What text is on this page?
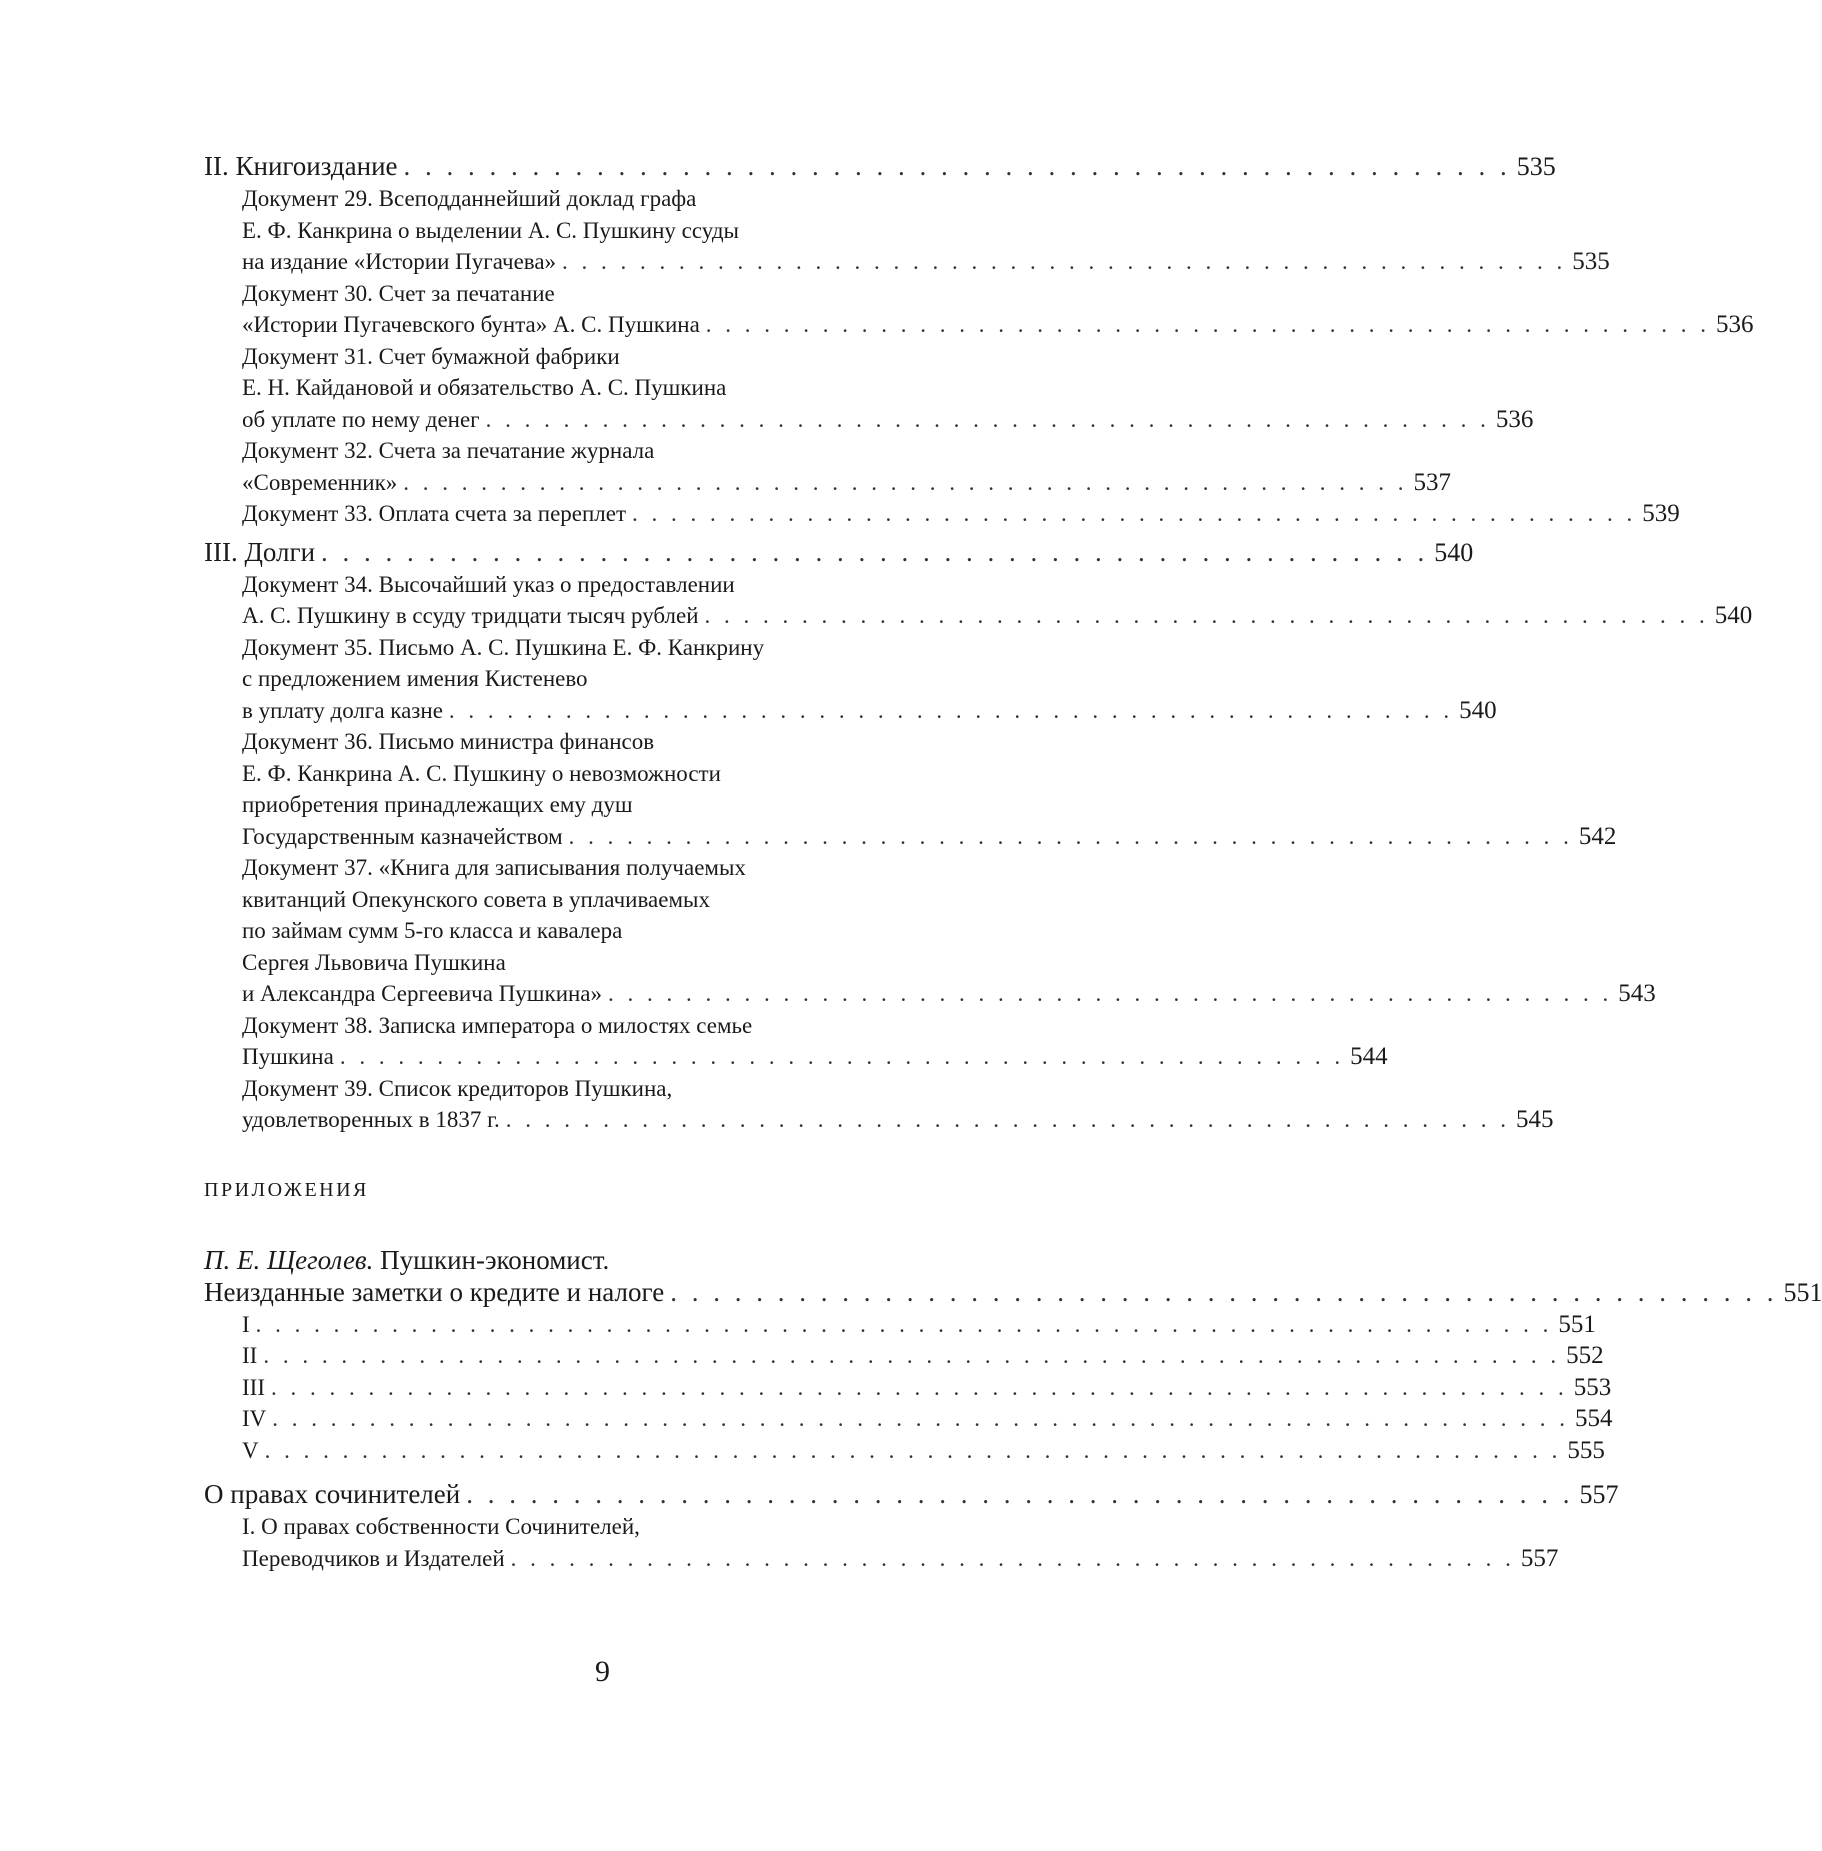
II. Книгоиздание . . . . . . . . . . . . . . . . . . . . . . . . . . . . . . . . . . . . . . . . . . . . . . . . . . . . 535
Документ 29. Всеподданнейший доклад графа
Е. Ф. Канкрина о выделении А. С. Пушкину ссуды
на издание «Истории Пугачева» . . . . . . . . . . . . . . . . . . . . . . . . . . . . . . . . . . . . . . . . . . . . . . . . . . . . 535
Документ 30. Счет за печатание
«Истории Пугачевского бунта» А. С. Пушкина . . . . . . . . . . . . . . . . . . . . . . . . . . . . . . . . . . . . . . . . . . . . . . . . . . . . 536
Документ 31. Счет бумажной фабрики
Е. Н. Кайдановой и обязательство А. С. Пушкина
об уплате по нему денег . . . . . . . . . . . . . . . . . . . . . . . . . . . . . . . . . . . . . . . . . . . . . . . . . . . . 536
Документ 32. Счета за печатание журнала
«Современник» . . . . . . . . . . . . . . . . . . . . . . . . . . . . . . . . . . . . . . . . . . . . . . . . . . . . 537
Документ 33. Оплата счета за переплет . . . . . . . . . . . . . . . . . . . . . . . . . . . . . . . . . . . . . . . . . . . . . . . . . . . . 539
III. Долги . . . . . . . . . . . . . . . . . . . . . . . . . . . . . . . . . . . . . . . . . . . . . . . . . . . . 540
Документ 34. Высочайший указ о предоставлении
А. С. Пушкину в ссуду тридцати тысяч рублей . . . . . . . . . . . . . . . . . . . . . . . . . . . . . . . . . . . . . . . . . . . . . . . . . . . . 540
Документ 35. Письмо А. С. Пушкина Е. Ф. Канкрину
с предложением имения Кистенево
в уплату долга казне . . . . . . . . . . . . . . . . . . . . . . . . . . . . . . . . . . . . . . . . . . . . . . . . . . . . 540
Документ 36. Письмо министра финансов
Е. Ф. Канкрина А. С. Пушкину о невозможности
приобретения принадлежащих ему душ
Государственным казначейством . . . . . . . . . . . . . . . . . . . . . . . . . . . . . . . . . . . . . . . . . . . . . . . . . . . . 542
Документ 37. «Книга для записывания получаемых
квитанций Опекунского совета в уплачиваемых
по займам сумм 5-го класса и кавалера
Сергея Львовича Пушкина
и Александра Сергеевича Пушкина» . . . . . . . . . . . . . . . . . . . . . . . . . . . . . . . . . . . . . . . . . . . . . . . . . . . . 543
Документ 38. Записка императора о милостях семье
Пушкина . . . . . . . . . . . . . . . . . . . . . . . . . . . . . . . . . . . . . . . . . . . . . . . . . . . . 544
Документ 39. Список кредиторов Пушкина,
удовлетворенных в 1837 г. . . . . . . . . . . . . . . . . . . . . . . . . . . . . . . . . . . . . . . . . . . . . . . . . . . . . 545
ПРИЛОЖЕНИЯ
П. Е. Щеголев. Пушкин-экономист.
Неизданные заметки о кредите и налоге . . . . . . . . . . . . . . . . . . . . . . . . . . . . . . . . . . . . . . . . . . . . . . . . . . . . 551
I . . . . . . . . . . . . . . . . . . . . . . . . . . . . . . . . . . . . . . . . . . . . . . . . . . . . . . . . . . . . . . . . . . . 551
II . . . . . . . . . . . . . . . . . . . . . . . . . . . . . . . . . . . . . . . . . . . . . . . . . . . . . . . . . . . . . . . . . . . 552
III . . . . . . . . . . . . . . . . . . . . . . . . . . . . . . . . . . . . . . . . . . . . . . . . . . . . . . . . . . . . . . . . . . . 553
IV . . . . . . . . . . . . . . . . . . . . . . . . . . . . . . . . . . . . . . . . . . . . . . . . . . . . . . . . . . . . . . . . . . . 554
V . . . . . . . . . . . . . . . . . . . . . . . . . . . . . . . . . . . . . . . . . . . . . . . . . . . . . . . . . . . . . . . . . . . 555
О правах сочинителей . . . . . . . . . . . . . . . . . . . . . . . . . . . . . . . . . . . . . . . . . . . . . . . . . . . . 557
I. О правах собственности Сочинителей,
Переводчиков и Издателей . . . . . . . . . . . . . . . . . . . . . . . . . . . . . . . . . . . . . . . . . . . . . . . . . . . . 557
9
